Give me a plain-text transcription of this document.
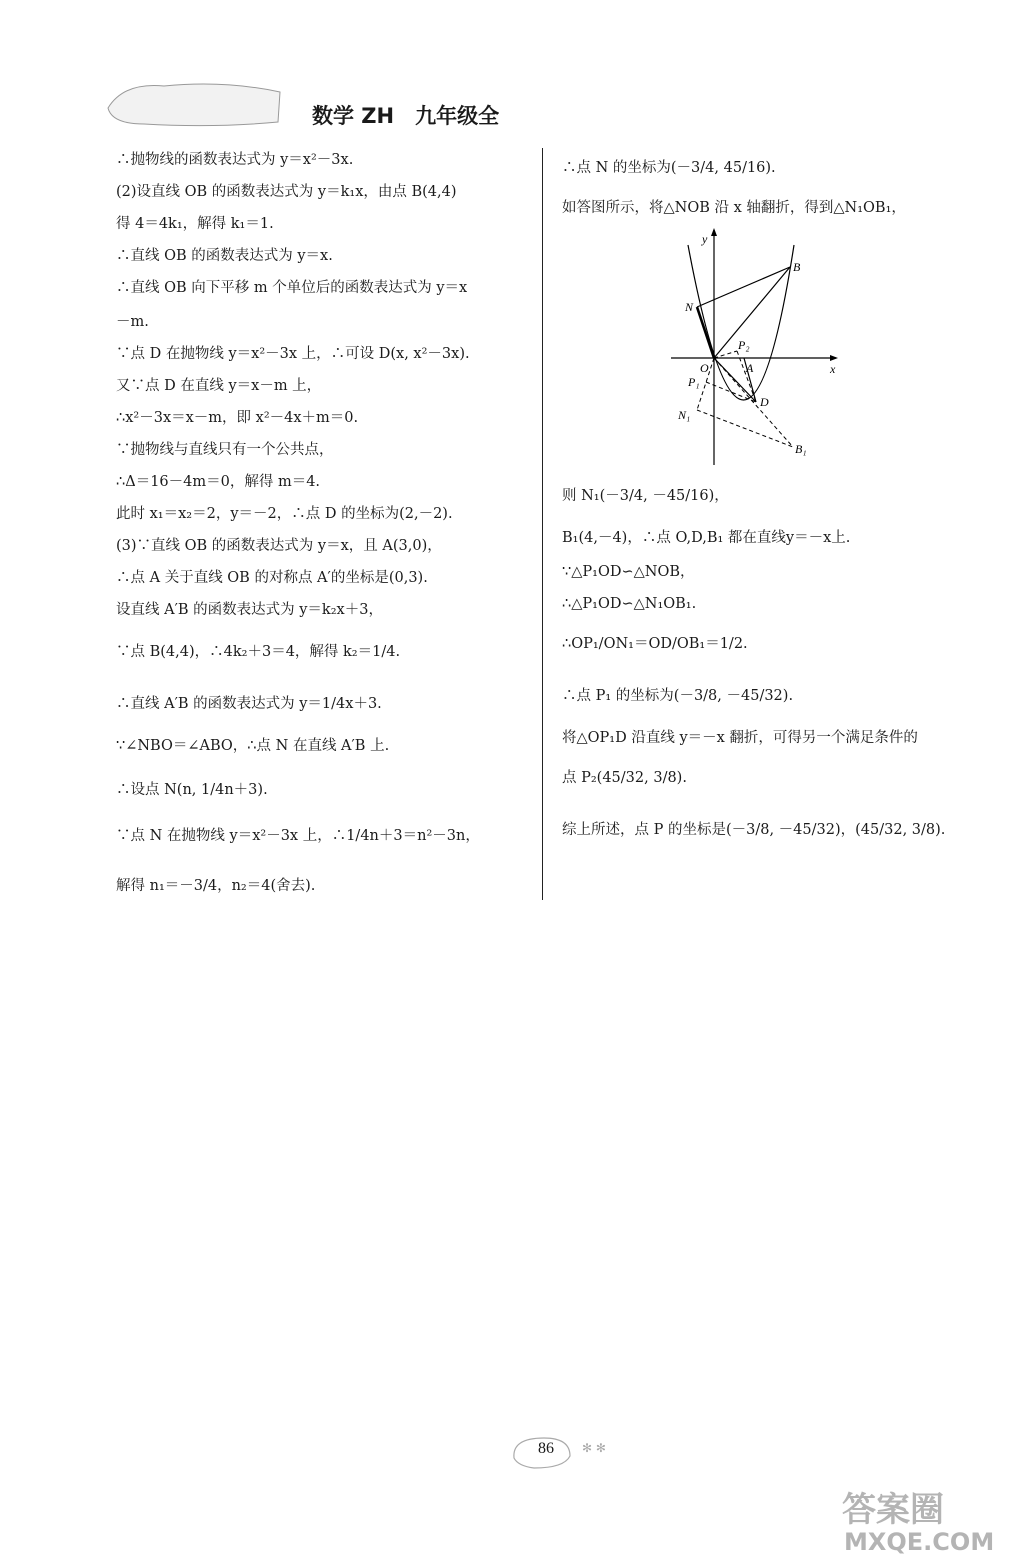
数学 ZH　九年级全
∴抛物线的函数表达式为 y＝x²－3x.
(2)设直线 OB 的函数表达式为 y＝k₁x，由点 B(4,4)
得 4＝4k₁，解得 k₁＝1.
∴直线 OB 的函数表达式为 y＝x.
∴直线 OB 向下平移 m 个单位后的函数表达式为 y＝x
－m.
∵点 D 在抛物线 y＝x²－3x 上，∴可设 D(x, x²－3x).
又∵点 D 在直线 y＝x－m 上，
∴x²－3x＝x－m，即 x²－4x＋m＝0.
∵抛物线与直线只有一个公共点，
∴Δ＝16－4m＝0，解得 m＝4.
此时 x₁＝x₂＝2，y＝－2，∴点 D 的坐标为(2,－2).
(3)∵直线 OB 的函数表达式为 y＝x，且 A(3,0)，
∴点 A 关于直线 OB 的对称点 A′的坐标是(0,3).
设直线 A′B 的函数表达式为 y＝k₂x＋3，
∵点 B(4,4)，∴4k₂＋3＝4，解得 k₂＝1/4.
∴直线 A′B 的函数表达式为 y＝1/4x＋3.
∵∠NBO＝∠ABO，∴点 N 在直线 A′B 上.
∴设点 N(n, 1/4n＋3).
∵点 N 在抛物线 y＝x²－3x 上，∴1/4n＋3＝n²－3n，
解得 n₁＝－3/4，n₂＝4(舍去).
∴点 N 的坐标为(－3/4, 45/16).
如答图所示，将△NOB 沿 x 轴翻折，得到△N₁OB₁，
则 N₁(－3/4, －45/16)，
B₁(4,－4)，∴点 O,D,B₁ 都在直线y＝－x上.
∵△P₁OD∽△NOB，
∴△P₁OD∽△N₁OB₁.
∴OP₁/ON₁＝OD/OB₁＝1/2.
∴点 P₁ 的坐标为(－3/8, －45/32).
将△OP₁D 沿直线 y＝－x 翻折，可得另一个满足条件的
点 P₂(45/32, 3/8).
综上所述，点 P 的坐标是(－3/8, －45/32)，(45/32, 3/8).
y
x
B
N
P₂
O	A
P₁
D
N₁
B₁
✻ ✻
86
答案圈
MXQE.COM
